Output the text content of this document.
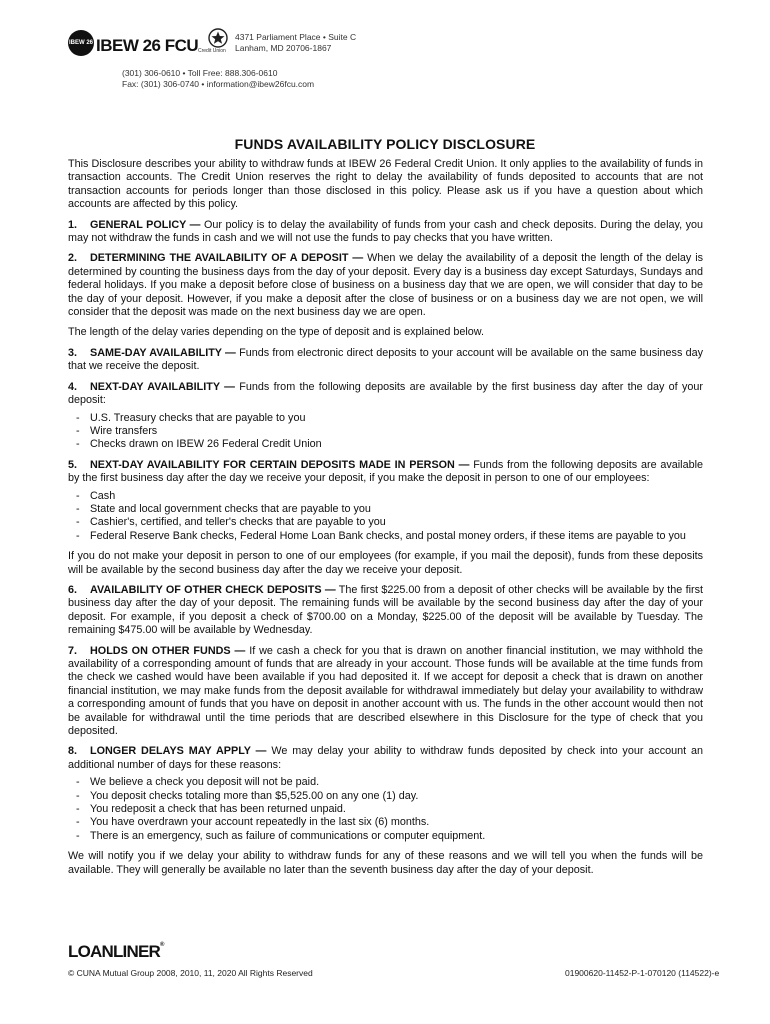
IBEW 26 IBEW 26 FCU Credit Union
4371 Parliament Place • Suite C
Lanham, MD 20706-1867
(301) 306-0610 • Toll Free: 888.306-0610
Fax: (301) 306-0740 • information@ibew26fcu.com
FUNDS AVAILABILITY POLICY DISCLOSURE

This Disclosure describes your ability to withdraw funds at IBEW 26 Federal Credit Union. It only applies to the availability of funds in transaction accounts. The Credit Union reserves the right to delay the availability of funds deposited to accounts that are not transaction accounts for periods longer than those disclosed in this policy. Please ask us if you have a question about which accounts are affected by this policy.

1. GENERAL POLICY — Our policy is to delay the availability of funds from your cash and check deposits. During the delay, you may not withdraw the funds in cash and we will not use the funds to pay checks that you have written.

2. DETERMINING THE AVAILABILITY OF A DEPOSIT — When we delay the availability of a deposit the length of the delay is determined by counting the business days from the day of your deposit. Every day is a business day except Saturdays, Sundays and federal holidays. If you make a deposit before close of business on a business day that we are open, we will consider that day to be the day of your deposit. However, if you make a deposit after the close of business or on a business day we are not open, we will consider that the deposit was made on the next business day we are open.

The length of the delay varies depending on the type of deposit and is explained below.

3. SAME-DAY AVAILABILITY — Funds from electronic direct deposits to your account will be available on the same business day that we receive the deposit.

4. NEXT-DAY AVAILABILITY — Funds from the following deposits are available by the first business day after the day of your deposit:

- U.S. Treasury checks that are payable to you
- Wire transfers
- Checks drawn on IBEW 26 Federal Credit Union

5. NEXT-DAY AVAILABILITY FOR CERTAIN DEPOSITS MADE IN PERSON — Funds from the following deposits are available by the first business day after the day we receive your deposit, if you make the deposit in person to one of our employees:

- Cash
- State and local government checks that are payable to you
- Cashier's, certified, and teller's checks that are payable to you
- Federal Reserve Bank checks, Federal Home Loan Bank checks, and postal money orders, if these items are payable to you

If you do not make your deposit in person to one of our employees (for example, if you mail the deposit), funds from these deposits will be available by the second business day after the day we receive your deposit.

6. AVAILABILITY OF OTHER CHECK DEPOSITS — The first $225.00 from a deposit of other checks will be available by the first business day after the day of your deposit. The remaining funds will be available by the second business day after the day of your deposit. For example, if you deposit a check of $700.00 on a Monday, $225.00 of the deposit will be available by Tuesday. The remaining $475.00 will be available by Wednesday.

7. HOLDS ON OTHER FUNDS — If we cash a check for you that is drawn on another financial institution, we may withhold the availability of a corresponding amount of funds that are already in your account. Those funds will be available at the time funds from the check we cashed would have been available if you had deposited it. If we accept for deposit a check that is drawn on another financial institution, we may make funds from the deposit available for withdrawal immediately but delay your availability to withdraw a corresponding amount of funds that you have on deposit in another account with us. The funds in the other account would then not be available for withdrawal until the time periods that are described elsewhere in this Disclosure for the type of check that you deposited.

8. LONGER DELAYS MAY APPLY — We may delay your ability to withdraw funds deposited by check into your account an additional number of days for these reasons:

- We believe a check you deposit will not be paid.
- You deposit checks totaling more than $5,525.00 on any one (1) day.
- You redeposit a check that has been returned unpaid.
- You have overdrawn your account repeatedly in the last six (6) months.
- There is an emergency, such as failure of communications or computer equipment.

We will notify you if we delay your ability to withdraw funds for any of these reasons and we will tell you when the funds will be available. They will generally be available no later than the seventh business day after the day of your deposit.

LOANLINER®
© CUNA Mutual Group 2008, 2010, 11, 2020 All Rights Reserved	01900620-11452-P-1-070120 (114522)-e
